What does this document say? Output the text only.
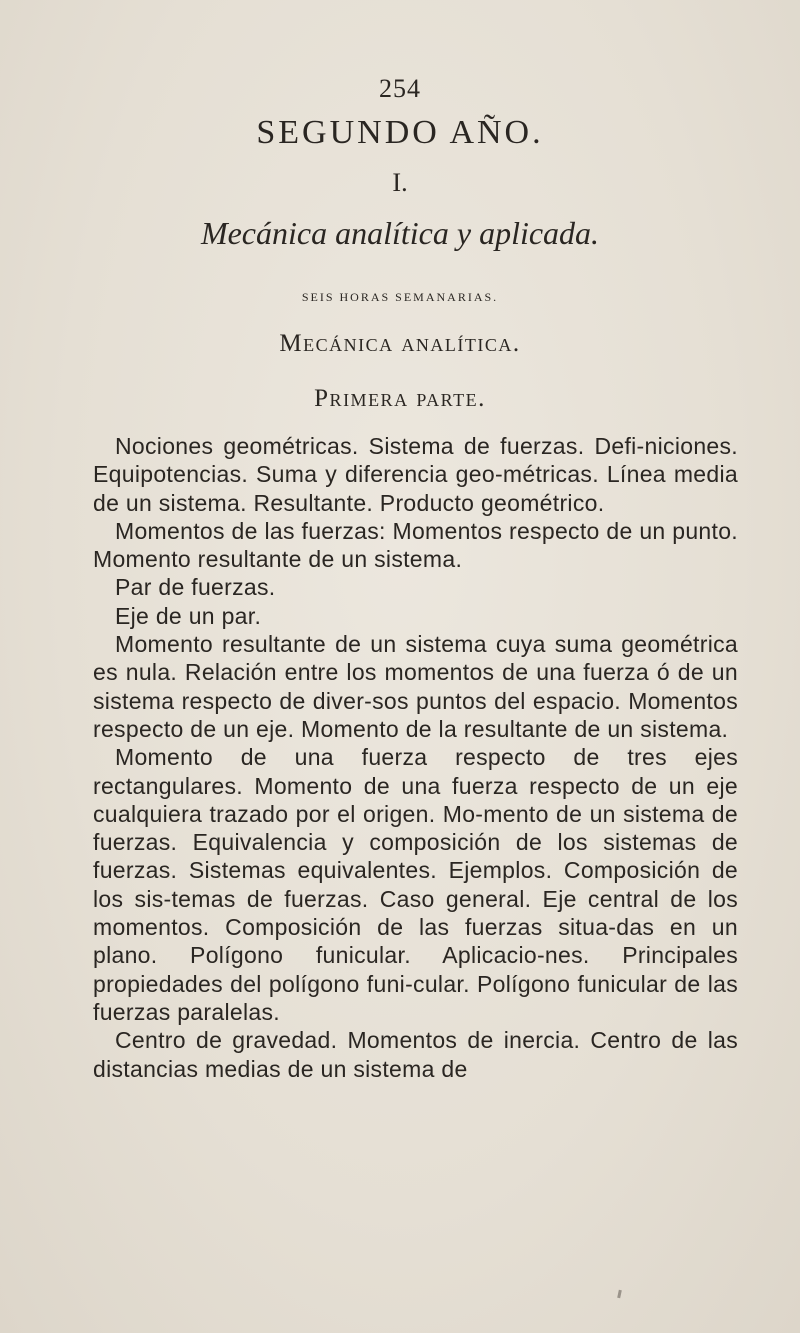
254
SEGUNDO AÑO.
I.
Mecánica analítica y aplicada.
SEIS HORAS SEMANARIAS.
Mecánica analítica.
Primera parte.

Nociones geométricas. Sistema de fuerzas. Defi-niciones. Equipotencias. Suma y diferencia geo-métricas. Línea media de un sistema. Resultante. Producto geométrico.

Momentos de las fuerzas: Momentos respecto de un punto. Momento resultante de un sistema.

Par de fuerzas.

Eje de un par.

Momento resultante de un sistema cuya suma geométrica es nula. Relación entre los momentos de una fuerza ó de un sistema respecto de diver-sos puntos del espacio. Momentos respecto de un eje. Momento de la resultante de un sistema.

Momento de una fuerza respecto de tres ejes rectangulares. Momento de una fuerza respecto de un eje cualquiera trazado por el origen. Mo-mento de un sistema de fuerzas. Equivalencia y composición de los sistemas de fuerzas. Sistemas equivalentes. Ejemplos. Composición de los sis-temas de fuerzas. Caso general. Eje central de los momentos. Composición de las fuerzas situa-das en un plano. Polígono funicular. Aplicacio-nes. Principales propiedades del polígono funi-cular. Polígono funicular de las fuerzas paralelas.

Centro de gravedad. Momentos de inercia. Centro de las distancias medias de un sistema de
